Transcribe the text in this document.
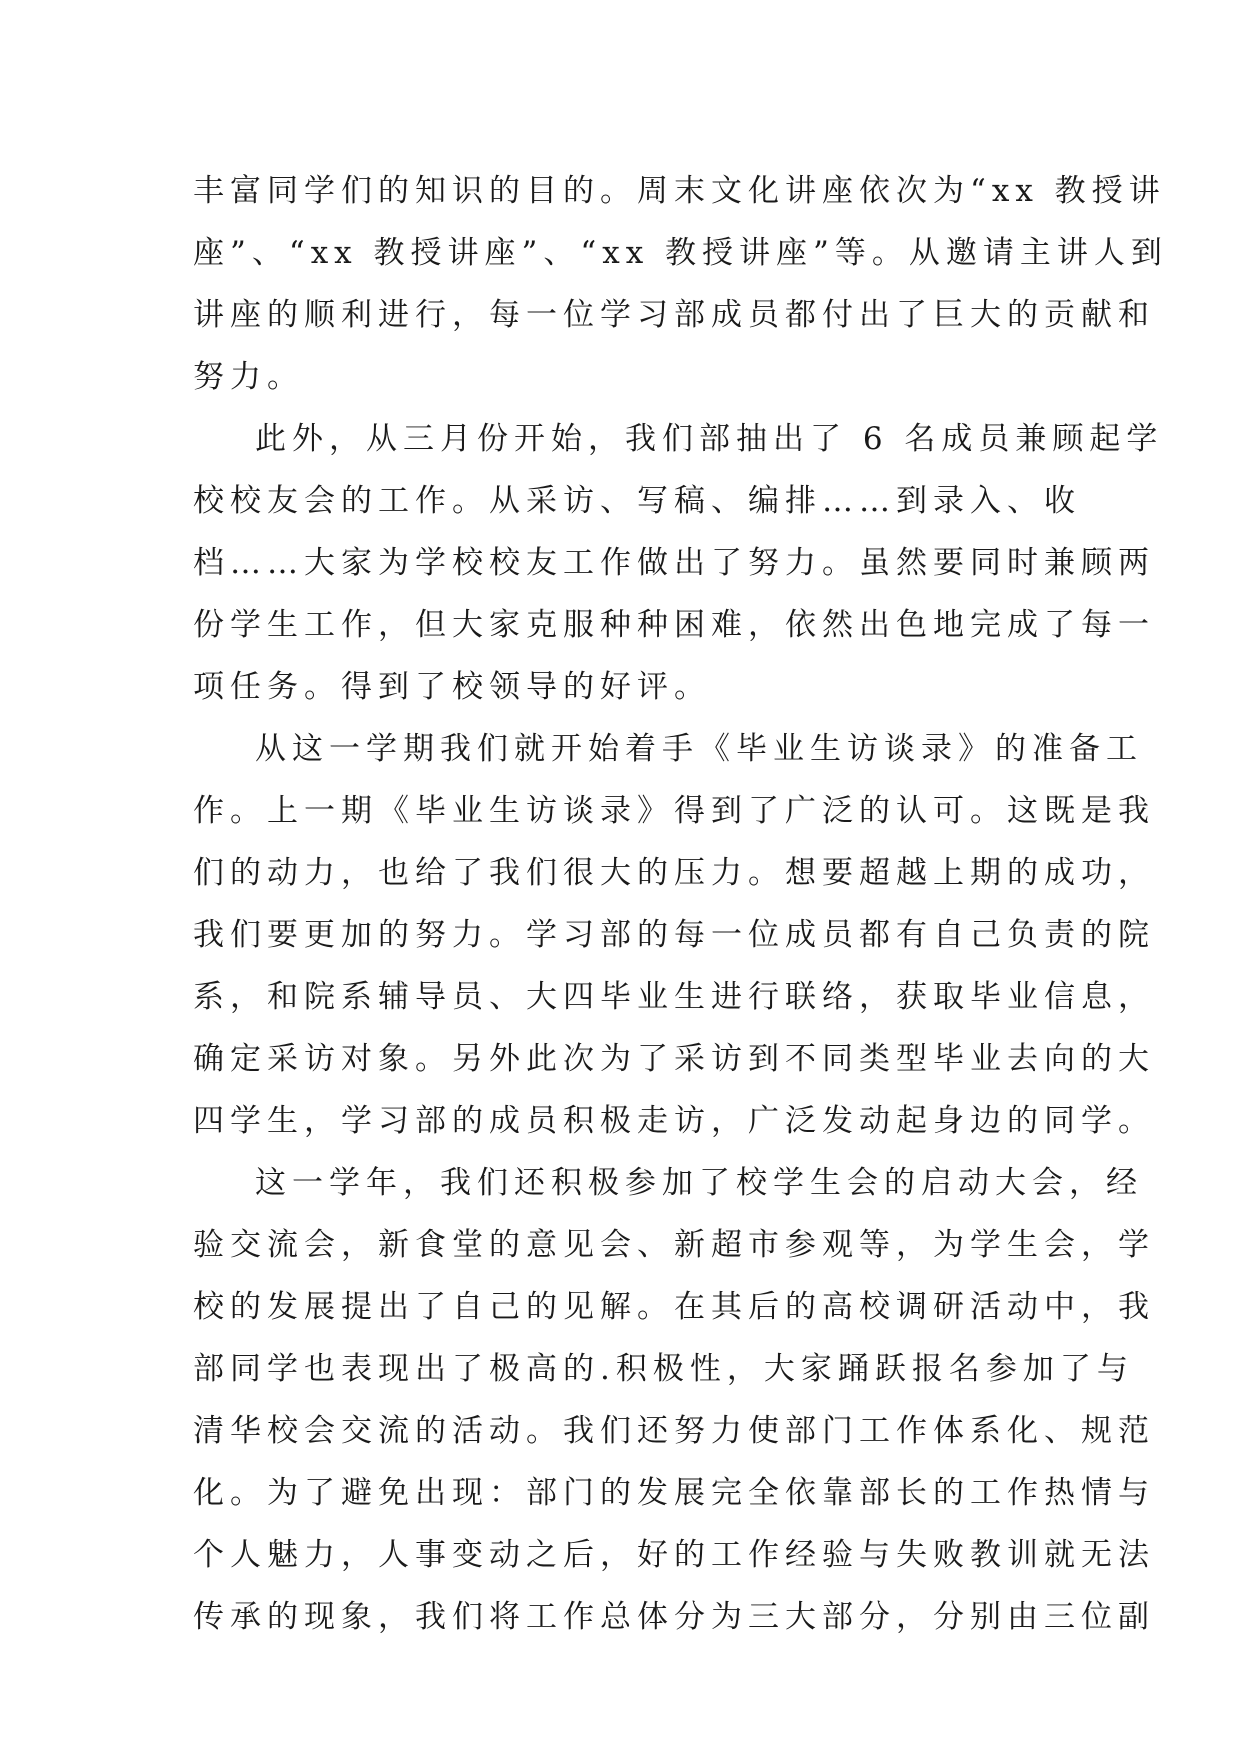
丰富同学们的知识的目的。周末文化讲座依次为“xx 教授讲
座”、“xx 教授讲座”、“xx 教授讲座”等。从邀请主讲人到
讲座的顺利进行，每一位学习部成员都付出了巨大的贡献和
努力。
此外，从三月份开始，我们部抽出了 6 名成员兼顾起学
校校友会的工作。从采访、写稿、编排……到录入、收
档……大家为学校校友工作做出了努力。虽然要同时兼顾两
份学生工作，但大家克服种种困难，依然出色地完成了每一
项任务。得到了校领导的好评。
从这一学期我们就开始着手《毕业生访谈录》的准备工
作。上一期《毕业生访谈录》得到了广泛的认可。这既是我
们的动力，也给了我们很大的压力。想要超越上期的成功，
我们要更加的努力。学习部的每一位成员都有自己负责的院
系，和院系辅导员、大四毕业生进行联络，获取毕业信息，
确定采访对象。另外此次为了采访到不同类型毕业去向的大
四学生，学习部的成员积极走访，广泛发动起身边的同学。
这一学年，我们还积极参加了校学生会的启动大会，经
验交流会，新食堂的意见会、新超市参观等，为学生会，学
校的发展提出了自己的见解。在其后的高校调研活动中，我
部同学也表现出了极高的.积极性，大家踊跃报名参加了与
清华校会交流的活动。我们还努力使部门工作体系化、规范
化。为了避免出现：部门的发展完全依靠部长的工作热情与
个人魅力，人事变动之后，好的工作经验与失败教训就无法
传承的现象，我们将工作总体分为三大部分，分别由三位副
